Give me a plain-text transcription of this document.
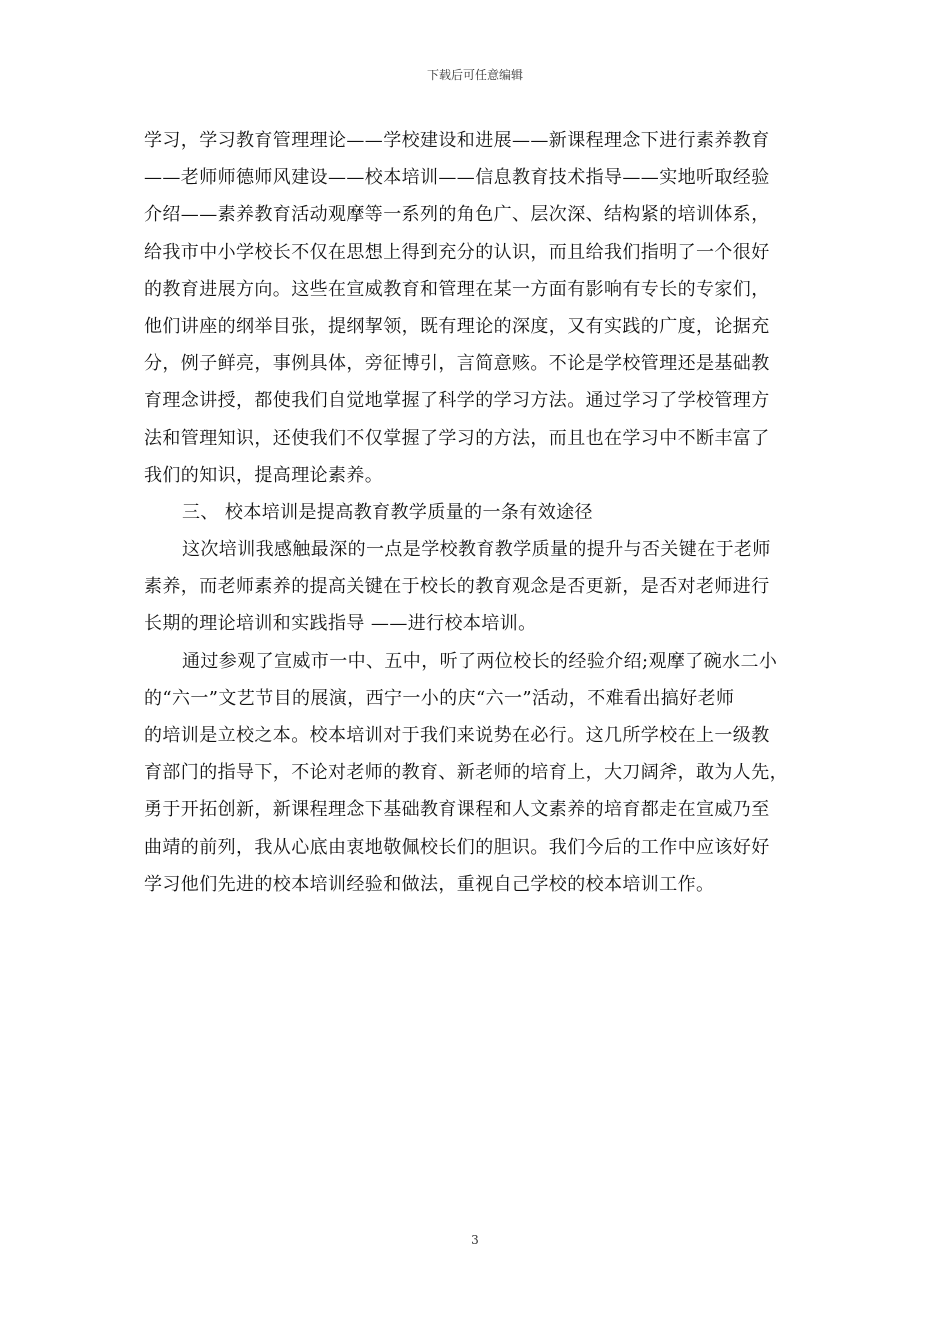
下载后可任意编辑
学习，学习教育管理理论——学校建设和进展——新课程理念下进行素养教育
——老师师德师风建设——校本培训——信息教育技术指导——实地听取经验
介绍——素养教育活动观摩等一系列的角色广、层次深、结构紧的培训体系，
给我市中小学校长不仅在思想上得到充分的认识，而且给我们指明了一个很好
的教育进展方向。这些在宣威教育和管理在某一方面有影响有专长的专家们，
他们讲座的纲举目张，提纲挈领，既有理论的深度，又有实践的广度，论据充
分，例子鲜亮，事例具体，旁征博引，言简意赅。不论是学校管理还是基础教
育理念讲授，都使我们自觉地掌握了科学的学习方法。通过学习了学校管理方
法和管理知识，还使我们不仅掌握了学习的方法，而且也在学习中不断丰富了
我们的知识，提高理论素养。
三、 校本培训是提高教育教学质量的一条有效途径
这次培训我感触最深的一点是学校教育教学质量的提升与否关键在于老师
素养，而老师素养的提高关键在于校长的教育观念是否更新，是否对老师进行
长期的理论培训和实践指导 ——进行校本培训。
通过参观了宣威市一中、五中，听了两位校长的经验介绍;观摩了碗水二小
的“六一”文艺节目的展演，西宁一小的庆“六一”活动，不难看出搞好老师
的培训是立校之本。校本培训对于我们来说势在必行。这几所学校在上一级教
育部门的指导下，不论对老师的教育、新老师的培育上，大刀阔斧，敢为人先，
勇于开拓创新，新课程理念下基础教育课程和人文素养的培育都走在宣威乃至
曲靖的前列，我从心底由衷地敬佩校长们的胆识。我们今后的工作中应该好好
学习他们先进的校本培训经验和做法，重视自己学校的校本培训工作。
3
